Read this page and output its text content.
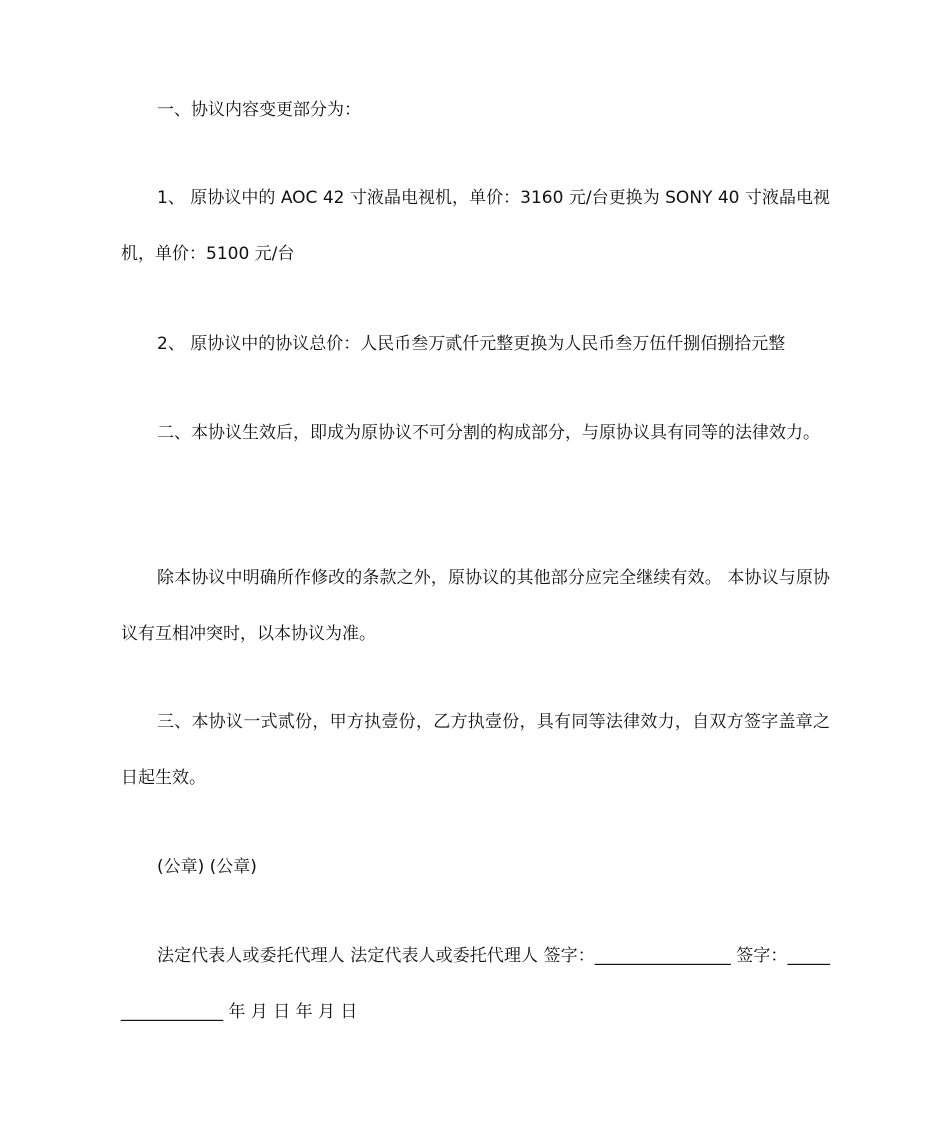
一、协议内容变更部分为：

1、 原协议中的 AOC 42 寸液晶电视机，单价：3160 元/台更换为 SONY 40 寸液晶电视机，单价：5100 元/台

2、 原协议中的协议总价：人民币叁万贰仟元整更换为人民币叁万伍仟捌佰捌拾元整

二、本协议生效后，即成为原协议不可分割的构成部分，与原协议具有同等的法律效力。

除本协议中明确所作修改的条款之外，原协议的其他部分应完全继续有效。 本协议与原协议有互相冲突时，以本协议为准。

三、本协议一式贰份，甲方执壹份，乙方执壹份，具有同等法律效力，自双方签字盖章之日起生效。

(公章) (公章)

法定代表人或委托代理人 法定代表人或委托代理人 签字：________________ 签字：_________________ 年 月 日 年 月 日
